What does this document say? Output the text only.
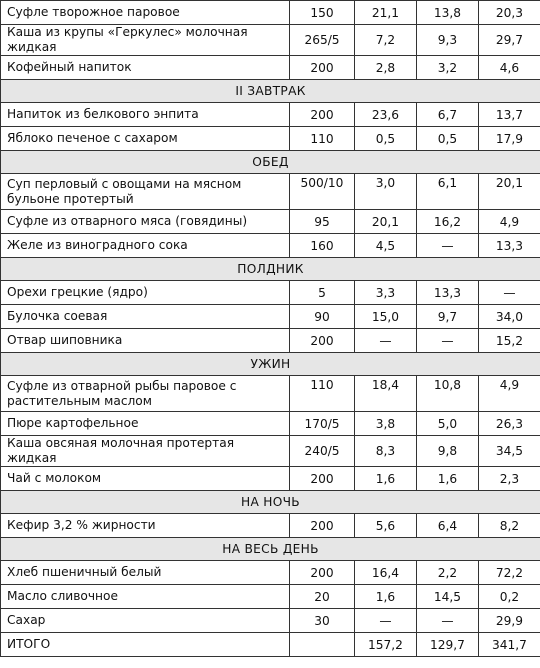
Суфле творожное паровое	150	21,1	13,8	20,3
Каша из крупы «Геркулес» молочная жидкая	265/5	7,2	9,3	29,7
Кофейный напиток	200	2,8	3,2	4,6
II ЗАВТРАК				
Напиток из белкового энпита	200	23,6	6,7	13,7
Яблоко печеное с сахаром	110	0,5	0,5	17,9
ОБЕД				
Суп перловый с овощами на мясном бульоне протертый	500/10	3,0	6,1	20,1
Суфле из отварного мяса (говядины)	95	20,1	16,2	4,9
Желе из виноградного сока	160	4,5	—	13,3
ПОЛДНИК				
Орехи грецкие (ядро)	5	3,3	13,3	—
Булочка соевая	90	15,0	9,7	34,0
Отвар шиповника	200	—	—	15,2
УЖИН				
Суфле из отварной рыбы паровое с растительным маслом	110	18,4	10,8	4,9
Пюре картофельное	170/5	3,8	5,0	26,3
Каша овсяная молочная протертая жидкая	240/5	8,3	9,8	34,5
Чай с молоком	200	1,6	1,6	2,3
НА НОЧЬ				
Кефир 3,2 % жирности	200	5,6	6,4	8,2
НА ВЕСЬ ДЕНЬ				
Хлеб пшеничный белый	200	16,4	2,2	72,2
Масло сливочное	20	1,6	14,5	0,2
Сахар	30	—	—	29,9
ИТОГО		157,2	129,7	341,7
